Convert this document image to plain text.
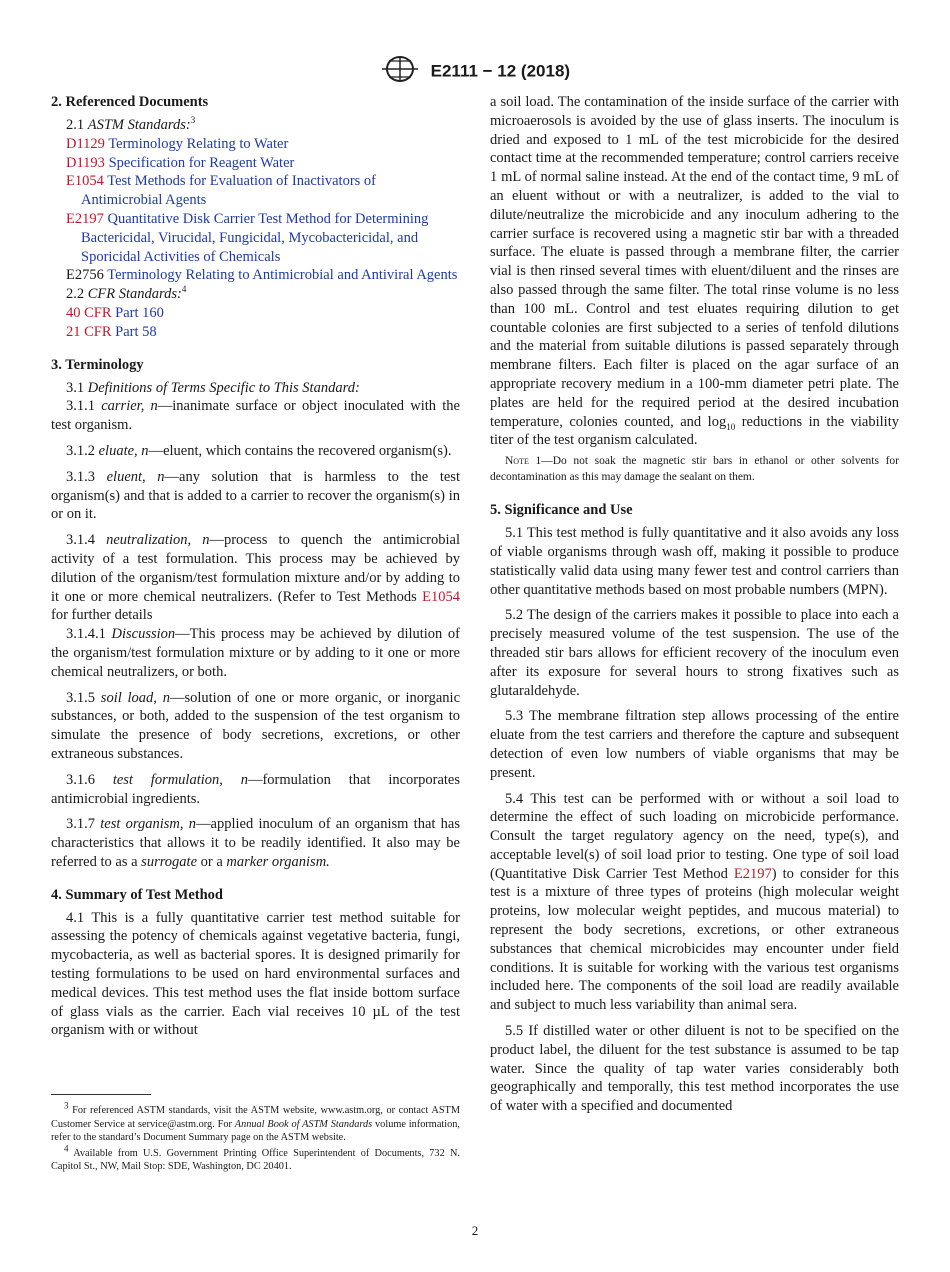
E2111 − 12 (2018)
2. Referenced Documents

2.1 ASTM Standards:$^3$

D1129 Terminology Relating to Water

D1193 Specification for Reagent Water

E1054 Test Methods for Evaluation of Inactivators of Antimicrobial Agents

E2197 Quantitative Disk Carrier Test Method for Determining Bactericidal, Virucidal, Fungicidal, Mycobactericidal, and Sporicidal Activities of Chemicals

E2756 Terminology Relating to Antimicrobial and Antiviral Agents

2.2 CFR Standards:$^4$

40 CFR Part 160

21 CFR Part 58

3. Terminology

3.1 Definitions of Terms Specific to This Standard:

3.1.1 carrier, n—inanimate surface or object inoculated with the test organism.

3.1.2 eluate, n—eluent, which contains the recovered organism(s).

3.1.3 eluent, n—any solution that is harmless to the test organism(s) and that is added to a carrier to recover the organism(s) in or on it.

3.1.4 neutralization, n—process to quench the antimicrobial activity of a test formulation. This process may be achieved by dilution of the organism/test formulation mixture and/or by adding to it one or more chemical neutralizers. (Refer to Test Methods E1054 for further details

3.1.4.1 Discussion—This process may be achieved by dilution of the organism/test formulation mixture or by adding to it one or more chemical neutralizers, or both.

3.1.5 soil load, n—solution of one or more organic, or inorganic substances, or both, added to the suspension of the test organism to simulate the presence of body secretions, excretions, or other extraneous substances.

3.1.6 test formulation, n—formulation that incorporates antimicrobial ingredients.

3.1.7 test organism, n—applied inoculum of an organism that has characteristics that allows it to be readily identified. It also may be referred to as a surrogate or a marker organism.

4. Summary of Test Method

4.1 This is a fully quantitative carrier test method suitable for assessing the potency of chemicals against vegetative bacteria, fungi, mycobacteria, as well as bacterial spores. It is designed primarily for testing formulations to be used on hard environmental surfaces and medical devices. This test method uses the flat inside bottom surface of glass vials as the carrier. Each vial receives 10 µL of the test organism with or without

a soil load. The contamination of the inside surface of the carrier with microaerosols is avoided by the use of glass inserts. The inoculum is dried and exposed to 1 mL of the test microbicide for the desired contact time at the recommended temperature; control carriers receive 1 mL of normal saline instead. At the end of the contact time, 9 mL of an eluent without or with a neutralizer, is added to the vial to dilute/neutralize the microbicide and any inoculum adhering to the carrier surface is recovered using a magnetic stir bar with a threaded surface. The eluate is passed through a membrane filter, the carrier vial is then rinsed several times with eluent/diluent and the rinses are also passed through the same filter. The total rinse volume is no less than 100 mL. Control and test eluates requiring dilution to get countable colonies are first subjected to a series of tenfold dilutions and the material from suitable dilutions is passed separately through membrane filters. Each filter is placed on the agar surface of an appropriate recovery medium in a 100-mm diameter petri plate. The plates are held for the required period at the desired incubation temperature, colonies counted, and $\log_{10}$ reductions in the viability titer of the test organism calculated.

Note 1—Do not soak the magnetic stir bars in ethanol or other solvents for decontamination as this may damage the sealant on them.

5. Significance and Use

5.1 This test method is fully quantitative and it also avoids any loss of viable organisms through wash off, making it possible to produce statistically valid data using many fewer test and control carriers than other quantitative methods based on most probable numbers (MPN).

5.2 The design of the carriers makes it possible to place into each a precisely measured volume of the test suspension. The use of the threaded stir bars allows for efficient recovery of the inoculum even after its exposure for several hours to strong fixatives such as glutaraldehyde.

5.3 The membrane filtration step allows processing of the entire eluate from the test carriers and therefore the capture and subsequent detection of even low numbers of viable organisms that may be present.

5.4 This test can be performed with or without a soil load to determine the effect of such loading on microbicide performance. Consult the target regulatory agency on the need, type(s), and acceptable level(s) of soil load prior to testing. One type of soil load (Quantitative Disk Carrier Test Method E2197) to consider for this test is a mixture of three types of proteins (high molecular weight proteins, low molecular weight peptides, and mucous material) to represent the body secretions, excretions, or other extraneous substances that chemical microbicides may encounter under field conditions. It is suitable for working with the various test organisms included here. The components of the soil load are readily available and subject to much less variability than animal sera.

5.5 If distilled water or other diluent is not to be specified on the product label, the diluent for the test substance is assumed to be tap water. Since the quality of tap water varies considerably both geographically and temporally, this test method incorporates the use of water with a specified and documented

$^3$ For referenced ASTM standards, visit the ASTM website, www.astm.org, or contact ASTM Customer Service at service@astm.org. For Annual Book of ASTM Standards volume information, refer to the standard’s Document Summary page on the ASTM website.

$^4$ Available from U.S. Government Printing Office Superintendent of Documents, 732 N. Capitol St., NW, Mail Stop: SDE, Washington, DC 20401.

2
